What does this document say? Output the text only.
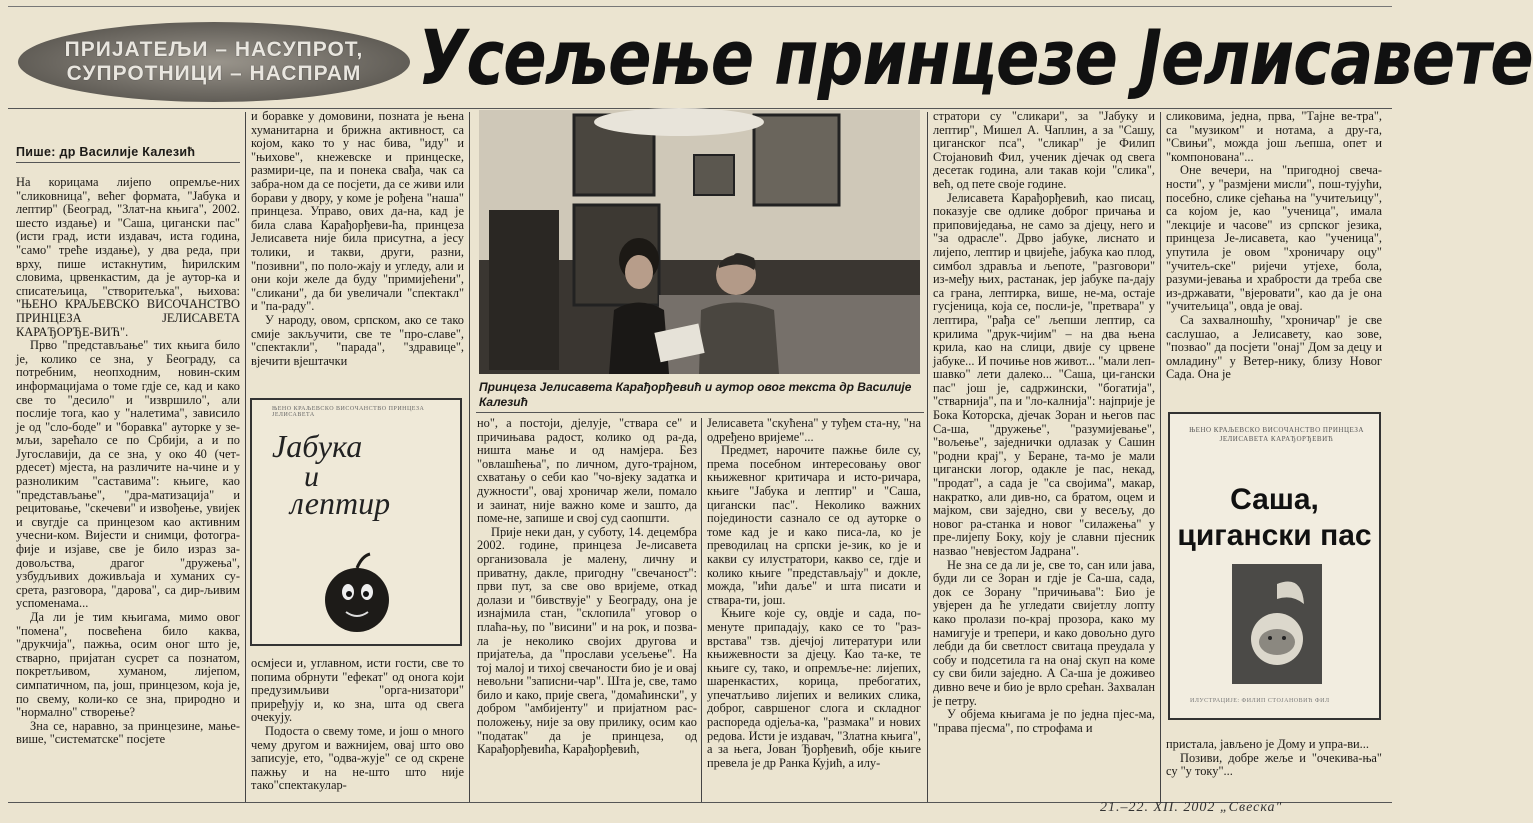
ПРИЈАТЕЉИ – НАСУПРОТ,
СУПРОТНИЦИ – НАСПРАМ Усељење принцезе Јелисавете
Пише: др Василије Калезић

На корицама лијепо опремље-них "сликовница", већег формата, "Јабука и лептир" (Београд, "Злат-на књига", 2002. шесто издање) и "Саша, цигански пас" (исти град, исти издавач, иста година, "само" треће издање), у два реда, при врху, пише истакнутим, ћирилским словима, црвенкастим, да је аутор-ка и списатељица, "створитељка", њихова: "ЊЕНО КРАЉЕВСКО ВИСОЧАНСТВО ПРИНЦЕЗА ЈЕЛИСАВЕТА КАРАЂОРЂЕ-ВИЋ".

Прво "представљање" тих књига било је, колико се зна, у Београду, са потребним, неопходним, новин-ским информацијама о томе гдје се, кад и како све то "десило" и "извршило", али послије тога, као у "налетима", зависило је од "сло-боде" и "боравка" ауторке у зе-мљи, зарећало се по Србији, а и по Југославији, да се зна, у око 40 (чет-рдесет) мјеста, на различите на-чине и у разноликим "саставима": књиге, као "представљање", "дра-матизација" и рецитовање, "скечеви" и извођење, увијек и свугдје са принцезом као активним учесни-ком. Вијести и снимци, фотогра-фије и изјаве, све је било израз за-довољства, драгог "дружења", узбудљивих доживљаја и хуманих су-срета, разговора, "дарова", са дир-љивим успоменама...

Да ли је тим књигама, мимо овог "помена", посвећена било каква, "друкчија", пажња, осим оног што је, стварно, пријатан сусрет са познатом, покретљивом, хуманом, лијепом, симпатичном, па, још, принцезом, која је, по свему, коли-ко се зна, природно и "нормално" створење?

Зна се, наравно, за принцезине, мање-више, "систематске" посјете

и боравке у домовини, позната је њена хуманитарна и брижна активност, са којом, како то у нас бива, "иду" и "њихове", кнежевске и принцеске, размири-це, па и понека свађа, чак са забра-ном да се посјети, да се живи или борави у двору, у коме је рођена "наша" принцеза. Управо, ових да-на, кад је била слава Карађорђеви-ћа, принцеза Јелисавета није била присутна, а јесу толики, и такви, други, разни, "позивни", по поло-жају и угледу, али и они који желе да буду "примијећени", "сликани", да би увеличали "спектакл" и "па-раду".

У народу, овом, српском, ако се тако смије закључити, све те "про-славе", "спектакли", "парада", "здравице", вјечити вјештачки

ЊЕНО КРАЉЕВСКО ВИСОЧАНСТВО ПРИНЦЕЗА ЈЕЛИСАВЕТА
Јабука
и
лептир

осмјеси и, углавном, исти гости, све то попима обрнути "ефекат" од онога који предузимљиви "орга-низатори" приређују и, ко зна, шта од свега очекују.

Подоста о свему томе, и још о много чему другом и важнијем, овај што ово записује, ето, "одва-жује" се од скрене пажњу и на не-што што није тако"спектакулар-

Принцеза Јелисавета Карађорђевић и аутор овог текста др Василије Калезић

но", а постоји, дјелује, "ствара се" и причињава радост, колико од ра-да, ништа мање и од намјера. Без "овлашћења", по личном, дуго-трајном, схватању о себи као "чо-вјеку задатка и дужности", овај хроничар жели, помало и заинат, није важно коме и зашто, да поме-не, запише и свој суд саопшти.

Прије неки дан, у суботу, 14. децембра 2002. године, принцеза Је-лисавета организовала је малену, личну и приватну, дакле, пригодну "свечаност": први пут, за све ово вријеме, откад долази и "бивствује" у Београду, она је изнајмила стан, "склопила" уговор о плаћа-њу, по "висини" и на рок, и позва-ла је неколико својих другова и пријатеља, да "прослави усељење". На тој малој и тихој свечаности био је и овај невољни "записни-чар". Шта је, све, тамо било и како, прије свега, "домаћински", у добром "амбијенту" и пријатном рас-положењу, није за ову прилику, осим као "податак" да је принцеза, од Карађорђевића, Карађорђевић,

Јелисавета "скућена" у туђем ста-ну, "на одређено вријеме"...

Предмет, нарочите пажње биле су, према посебном интересовању овог књижевног критичара и исто-ричара, књиге "Јабука и лептир" и "Саша, цигански пас". Неколико важних појединости сазнало се од ауторке о томе кад је и како писа-ла, ко је преводилац на српски је-зик, ко је и какви су илустратори, какво се, гдје и колико књиге "представљају" и докле, можда, "ићи даље" и шта писати и ствара-ти, још.

Књиге које су, овдје и сада, по-менуте припадају, како се то "раз-врстава" тзв. дјечјој литератури или књижевности за дјецу. Као та-ке, те књиге су, тако, и опремље-не: лијепих, шаренкастих, корица, пребогатих, упечатљиво лијепих и великих слика, доброг, савршеног слога и складног распореда одјеља-ка, "размака" и нових редова. Исти је издавач, "Златна књига", а за њега, Јован Ђорђевић, обје књиге превела је др Ранка Кујић, а илу-

стратори су "сликари", за "Јабуку и лептир", Мишел А. Чаплин, а за "Сашу, циганског пса", "сликар" је Филип Стојановић Фил, ученик дјечак од свега десетак година, али такав који "слика", већ, од пете своје године.

Јелисавета Карађорђевић, као писац, показује све одлике доброг причања и приповиједања, не само за дјецу, него и "за одрасле". Дрво јабуке, лиснато и лијепо, лептир и цвијеће, јабука као плод, симбол здравља и љепоте, "разговори" из-међу њих, растанак, јер јабуке па-дају са грана, лептирка, више, не-ма, остаје гусјеница, која се, посли-је, "претвара" у лептира, "рађа се" љепши лептир, са крилима "друк-чијим" – на два њена крила, као на слици, двије су црвене јабуке... И почиње нов живот... "мали леп-шавко" лети далеко... "Саша, ци-гански пас" још је, садржински, "богатија", "стварнија", па и "ло-калнија": најприје је Бока Которска, дјечак Зоран и његов пас Са-ша, "дружење", "разумијевање", "вољење", заједнички одлазак у Сашин "родни крај", у Беране, та-мо је мали цигански логор, одакле је пас, некад, "продат", а сада је "са својима", макар, накратко, али див-но, са братом, оцем и мајком, сви заједно, сви у весељу, до новог ра-станка и новог "силажења" у пре-лијепу Боку, коју је славни пјесник назвао "невјестом Јадрана".

Не зна се да ли је, све то, сан или јава, буди ли се Зоран и гдје је Са-ша, сада, док се Зорану "причињава": Био је увјерен да ће угледати свијетлу лопту како пролази по-крај прозора, како му намигује и трепери, и како довољно дуго лебди да би светлост свитаца преудала у собу и подсетила га на онај скуп на коме су сви били заједно. А Са-ша је доживео дивно вече и био је врло срећан. Захвалан је петру.

У објема књигама је по једна пјес-ма, "права пјесма", по строфама и

сликовима, једна, прва, "Тајне ве-тра", са "музиком" и нотама, а дру-га, "Свињи", можда још љепша, опет и "компонована"...

Оне вечери, на "пригодној свеча-ности", у "размјени мисли", пош-тујући, посебно, слике сјећања на "учитељицу", са којом је, као "ученица", имала "лекције и часове" из српског језика, принцеза Је-лисавета, као "ученица", упутила је овом "хроничару оцу" "учитељ-ске" ријечи утјехе, бола, разуми-јевања и храбрости да треба све из-државати, "вјеровати", као да је она "учитељица", овда је овај.

Са захвалношћу, "хроничар" је све саслушао, а Јелисавету, као зове, "позвао" да посјети "онај" Дом за децу и омладину" у Ветер-нику, близу Новог Сада. Она је

ЊЕНО КРАЉЕВСКО ВИСОЧАНСТВО ПРИНЦЕЗА ЈЕЛИСАВЕТА КАРАЂОРЂЕВИЋ
Саша, цигански пас
ИЛУСТРАЦИЈЕ: ФИЛИП СТОЈАНОВИЋ ФИЛ

пристала, јављено је Дому и упра-ви...

Позиви, добре жеље и "очекива-ња" су "у току"...

21.–22. XII. 2002 „Свеска"
